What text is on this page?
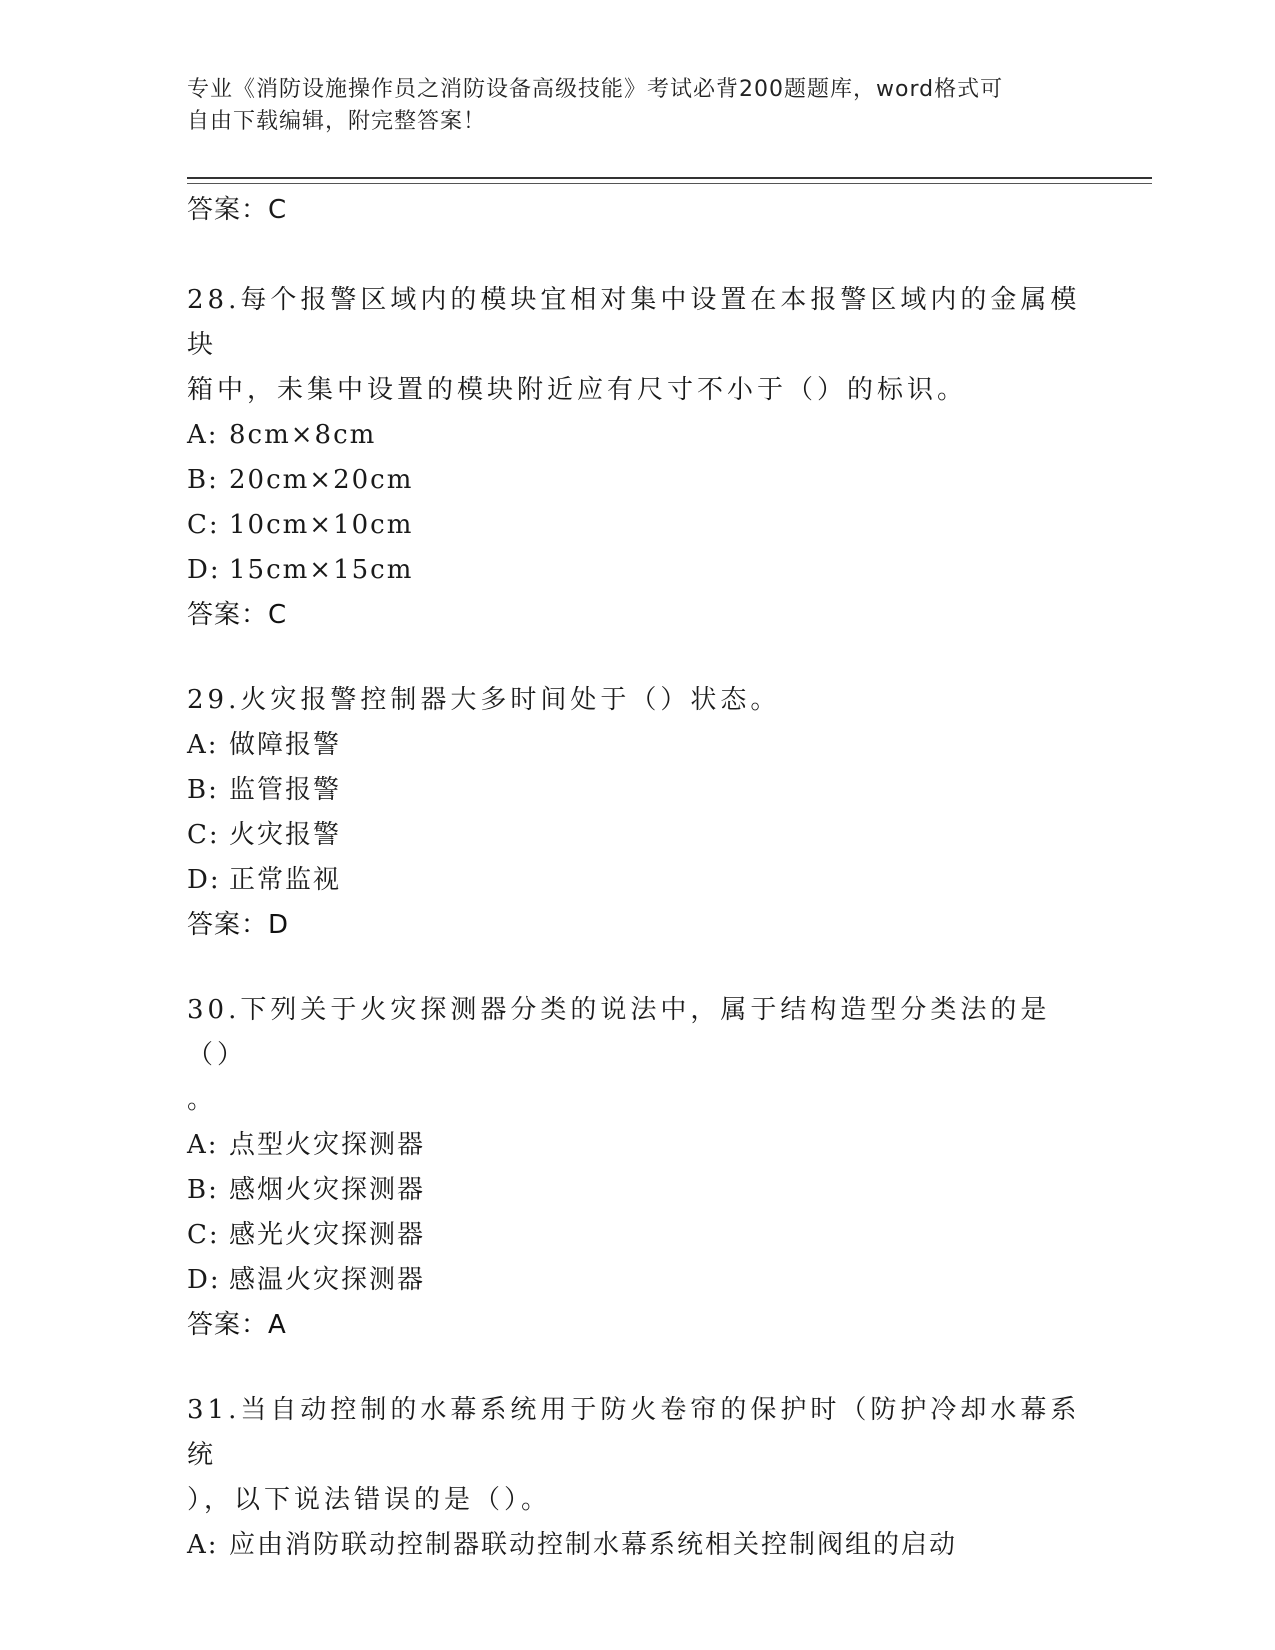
专业《消防设施操作员之消防设备高级技能》考试必背200题题库，word格式可
自由下载编辑，附完整答案！
答案：C
28.每个报警区域内的模块宜相对集中设置在本报警区域内的金属模块
箱中，未集中设置的模块附近应有尺寸不小于（）的标识。
A: 8cm×8cm
B: 20cm×20cm
C: 10cm×10cm
D: 15cm×15cm
答案：C
29.火灾报警控制器大多时间处于（）状态。
A: 做障报警
B: 监管报警
C: 火灾报警
D: 正常监视
答案：D
30.下列关于火灾探测器分类的说法中，属于结构造型分类法的是（）
。
A: 点型火灾探测器
B: 感烟火灾探测器
C: 感光火灾探测器
D: 感温火灾探测器
答案：A
31.当自动控制的水幕系统用于防火卷帘的保护时（防护冷却水幕系统
），以下说法错误的是（）。
A: 应由消防联动控制器联动控制水幕系统相关控制阀组的启动
